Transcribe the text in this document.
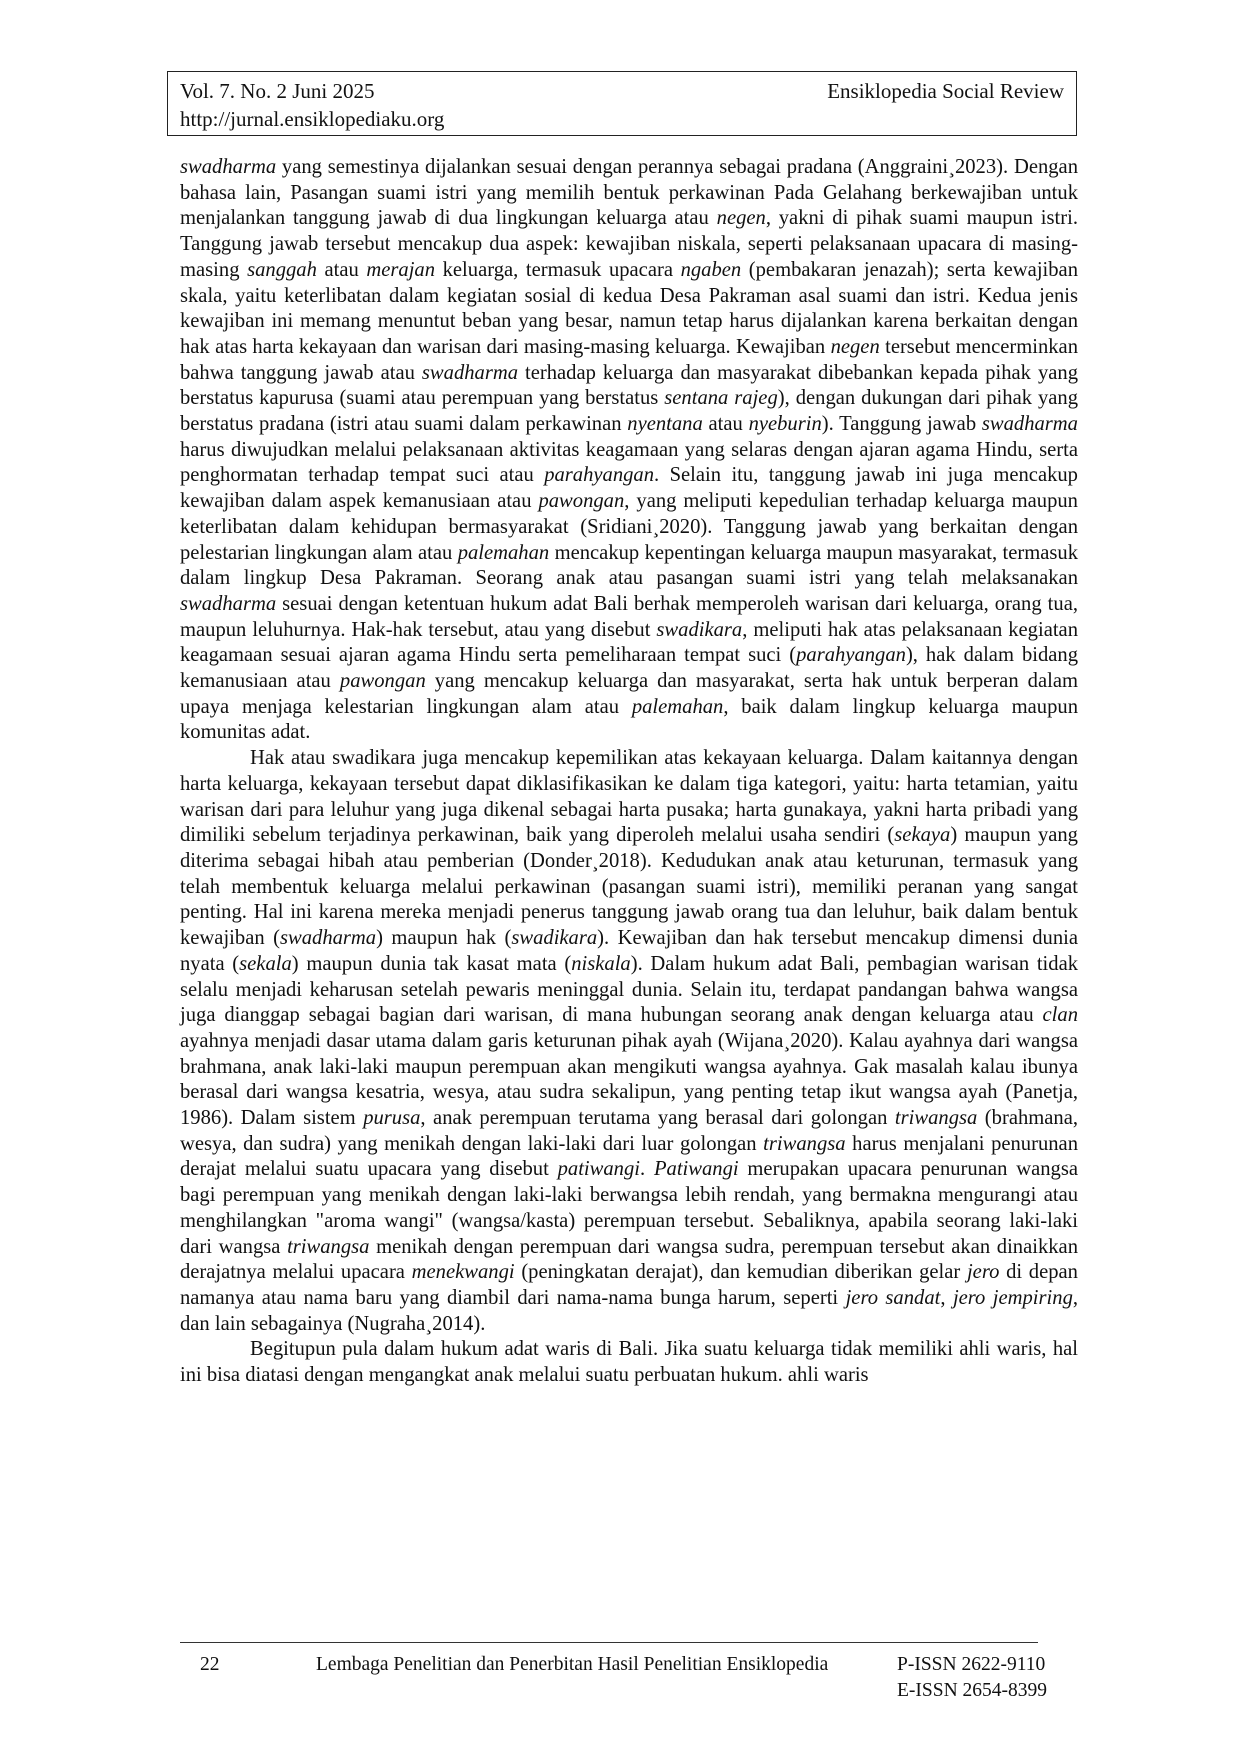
Vol. 7. No. 2 Juni 2025	Ensiklopedia Social Review
http://jurnal.ensiklopediaku.org

swadharma yang semestinya dijalankan sesuai dengan perannya sebagai pradana (Anggraini¸2023). Dengan bahasa lain, Pasangan suami istri yang memilih bentuk perkawinan Pada Gelahang berkewajiban untuk menjalankan tanggung jawab di dua lingkungan keluarga atau negen, yakni di pihak suami maupun istri. Tanggung jawab tersebut mencakup dua aspek: kewajiban niskala, seperti pelaksanaan upacara di masing-masing sanggah atau merajan keluarga, termasuk upacara ngaben (pembakaran jenazah); serta kewajiban skala, yaitu keterlibatan dalam kegiatan sosial di kedua Desa Pakraman asal suami dan istri. Kedua jenis kewajiban ini memang menuntut beban yang besar, namun tetap harus dijalankan karena berkaitan dengan hak atas harta kekayaan dan warisan dari masing-masing keluarga. Kewajiban negen tersebut mencerminkan bahwa tanggung jawab atau swadharma terhadap keluarga dan masyarakat dibebankan kepada pihak yang berstatus kapurusa (suami atau perempuan yang berstatus sentana rajeg), dengan dukungan dari pihak yang berstatus pradana (istri atau suami dalam perkawinan nyentana atau nyeburin). Tanggung jawab swadharma harus diwujudkan melalui pelaksanaan aktivitas keagamaan yang selaras dengan ajaran agama Hindu, serta penghormatan terhadap tempat suci atau parahyangan. Selain itu, tanggung jawab ini juga mencakup kewajiban dalam aspek kemanusiaan atau pawongan, yang meliputi kepedulian terhadap keluarga maupun keterlibatan dalam kehidupan bermasyarakat (Sridiani¸2020). Tanggung jawab yang berkaitan dengan pelestarian lingkungan alam atau palemahan mencakup kepentingan keluarga maupun masyarakat, termasuk dalam lingkup Desa Pakraman. Seorang anak atau pasangan suami istri yang telah melaksanakan swadharma sesuai dengan ketentuan hukum adat Bali berhak memperoleh warisan dari keluarga, orang tua, maupun leluhurnya. Hak-hak tersebut, atau yang disebut swadikara, meliputi hak atas pelaksanaan kegiatan keagamaan sesuai ajaran agama Hindu serta pemeliharaan tempat suci (parahyangan), hak dalam bidang kemanusiaan atau pawongan yang mencakup keluarga dan masyarakat, serta hak untuk berperan dalam upaya menjaga kelestarian lingkungan alam atau palemahan, baik dalam lingkup keluarga maupun komunitas adat.

Hak atau swadikara juga mencakup kepemilikan atas kekayaan keluarga. Dalam kaitannya dengan harta keluarga, kekayaan tersebut dapat diklasifikasikan ke dalam tiga kategori, yaitu: harta tetamian, yaitu warisan dari para leluhur yang juga dikenal sebagai harta pusaka; harta gunakaya, yakni harta pribadi yang dimiliki sebelum terjadinya perkawinan, baik yang diperoleh melalui usaha sendiri (sekaya) maupun yang diterima sebagai hibah atau pemberian (Donder¸2018). Kedudukan anak atau keturunan, termasuk yang telah membentuk keluarga melalui perkawinan (pasangan suami istri), memiliki peranan yang sangat penting. Hal ini karena mereka menjadi penerus tanggung jawab orang tua dan leluhur, baik dalam bentuk kewajiban (swadharma) maupun hak (swadikara). Kewajiban dan hak tersebut mencakup dimensi dunia nyata (sekala) maupun dunia tak kasat mata (niskala). Dalam hukum adat Bali, pembagian warisan tidak selalu menjadi keharusan setelah pewaris meninggal dunia. Selain itu, terdapat pandangan bahwa wangsa juga dianggap sebagai bagian dari warisan, di mana hubungan seorang anak dengan keluarga atau clan ayahnya menjadi dasar utama dalam garis keturunan pihak ayah (Wijana¸2020). Kalau ayahnya dari wangsa brahmana, anak laki-laki maupun perempuan akan mengikuti wangsa ayahnya. Gak masalah kalau ibunya berasal dari wangsa kesatria, wesya, atau sudra sekalipun, yang penting tetap ikut wangsa ayah (Panetja, 1986). Dalam sistem purusa, anak perempuan terutama yang berasal dari golongan triwangsa (brahmana, wesya, dan sudra) yang menikah dengan laki-laki dari luar golongan triwangsa harus menjalani penurunan derajat melalui suatu upacara yang disebut patiwangi. Patiwangi merupakan upacara penurunan wangsa bagi perempuan yang menikah dengan laki-laki berwangsa lebih rendah, yang bermakna mengurangi atau menghilangkan "aroma wangi" (wangsa/kasta) perempuan tersebut. Sebaliknya, apabila seorang laki-laki dari wangsa triwangsa menikah dengan perempuan dari wangsa sudra, perempuan tersebut akan dinaikkan derajatnya melalui upacara menekwangi (peningkatan derajat), dan kemudian diberikan gelar jero di depan namanya atau nama baru yang diambil dari nama-nama bunga harum, seperti jero sandat, jero jempiring, dan lain sebagainya (Nugraha¸2014).

Begitupun pula dalam hukum adat waris di Bali. Jika suatu keluarga tidak memiliki ahli waris, hal ini bisa diatasi dengan mengangkat anak melalui suatu perbuatan hukum. ahli waris

22	Lembaga Penelitian dan Penerbitan Hasil Penelitian Ensiklopedia	P-ISSN 2622-9110
E-ISSN 2654-8399
